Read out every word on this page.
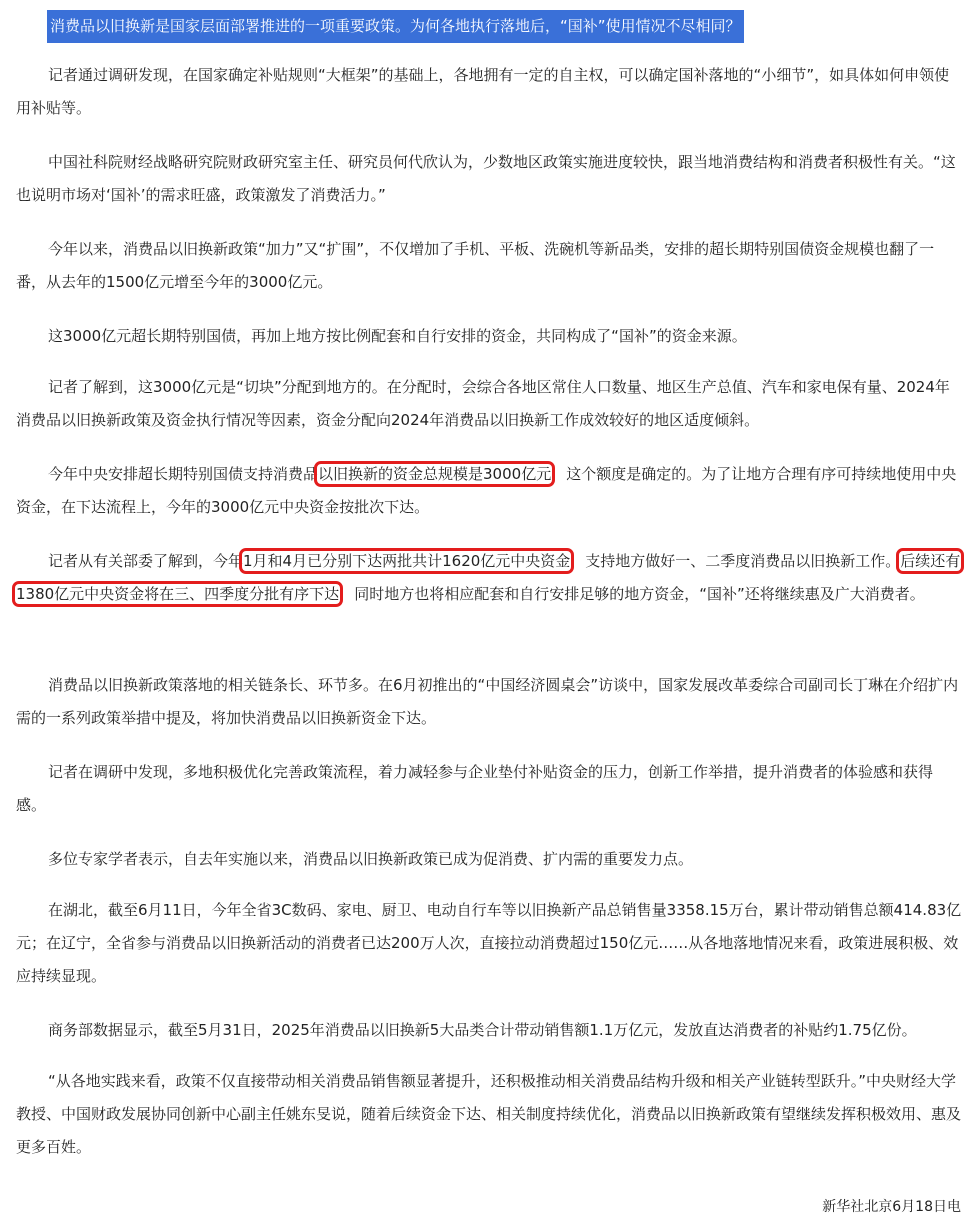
消费品以旧换新是国家层面部署推进的一项重要政策。为何各地执行落地后，“国补”使用情况不尽相同？

记者通过调研发现，在国家确定补贴规则“大框架”的基础上，各地拥有一定的自主权，可以确定国补落地的“小细节”，如具体如何申领使用补贴等。

中国社科院财经战略研究院财政研究室主任、研究员何代欣认为，少数地区政策实施进度较快，跟当地消费结构和消费者积极性有关。“这也说明市场对‘国补’的需求旺盛，政策激发了消费活力。”

今年以来，消费品以旧换新政策“加力”又“扩围”，不仅增加了手机、平板、洗碗机等新品类，安排的超长期特别国债资金规模也翻了一番，从去年的1500亿元增至今年的3000亿元。

这3000亿元超长期特别国债，再加上地方按比例配套和自行安排的资金，共同构成了“国补”的资金来源。

记者了解到，这3000亿元是“切块”分配到地方的。在分配时，会综合各地区常住人口数量、地区生产总值、汽车和家电保有量、2024年消费品以旧换新政策及资金执行情况等因素，资金分配向2024年消费品以旧换新工作成效较好的地区适度倾斜。

今年中央安排超长期特别国债支持消费品以旧换新的资金总规模是3000亿元，这个额度是确定的。为了让地方合理有序可持续地使用中央资金，在下达流程上，今年的3000亿元中央资金按批次下达。

记者从有关部委了解到，今年1月和4月已分别下达两批共计1620亿元中央资金，支持地方做好一、二季度消费品以旧换新工作。后续还有1380亿元中央资金将在三、四季度分批有序下达，同时地方也将相应配套和自行安排足够的地方资金，“国补”还将继续惠及广大消费者。

消费品以旧换新政策落地的相关链条长、环节多。在6月初推出的“中国经济圆桌会”访谈中，国家发展改革委综合司副司长丁琳在介绍扩内需的一系列政策举措中提及，将加快消费品以旧换新资金下达。

记者在调研中发现，多地积极优化完善政策流程，着力减轻参与企业垫付补贴资金的压力，创新工作举措，提升消费者的体验感和获得感。

多位专家学者表示，自去年实施以来，消费品以旧换新政策已成为促消费、扩内需的重要发力点。

在湖北，截至6月11日，今年全省3C数码、家电、厨卫、电动自行车等以旧换新产品总销售量3358.15万台，累计带动销售总额414.83亿元；在辽宁，全省参与消费品以旧换新活动的消费者已达200万人次，直接拉动消费超过150亿元……从各地落地情况来看，政策进展积极、效应持续显现。

商务部数据显示，截至5月31日，2025年消费品以旧换新5大品类合计带动销售额1.1万亿元，发放直达消费者的补贴约1.75亿份。

“从各地实践来看，政策不仅直接带动相关消费品销售额显著提升，还积极推动相关消费品结构升级和相关产业链转型跃升。”中央财经大学教授、中国财政发展协同创新中心副主任姚东旻说，随着后续资金下达、相关制度持续优化，消费品以旧换新政策有望继续发挥积极效用、惠及更多百姓。

新华社北京6月18日电
